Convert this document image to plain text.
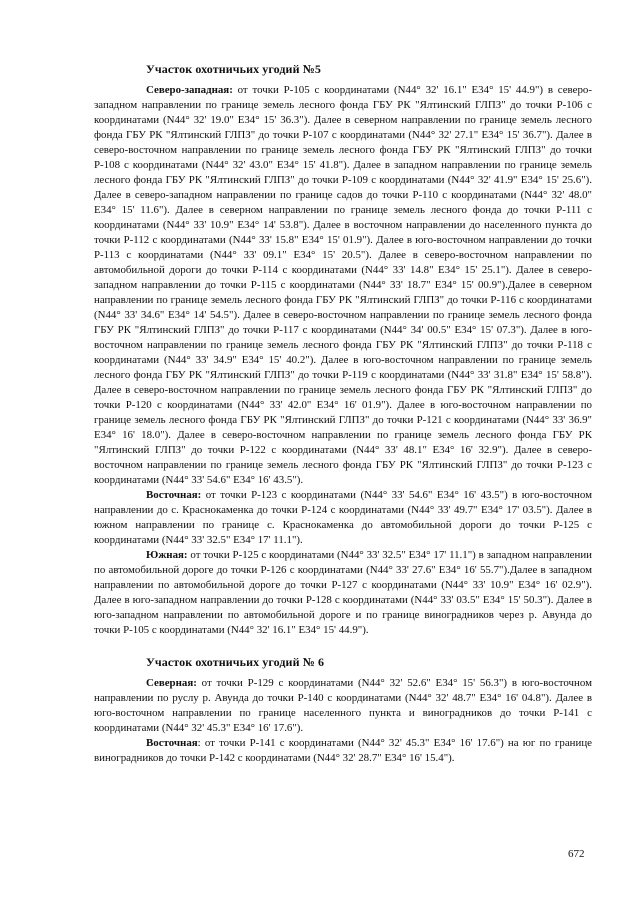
Участок охотничьих угодий №5

Северо-западная: от точки Р-105 с координатами (N44° 32' 16.1" E34° 15' 44.9") в северо-западном направлении по границе земель лесного фонда ГБУ РК "Ялтинский ГЛПЗ" до точки Р-106 с координатами (N44° 32' 19.0" E34° 15' 36.3"). Далее в северном направлении по границе земель лесного фонда ГБУ РК "Ялтинский ГЛПЗ" до точки Р-107 с координатами (N44° 32' 27.1" E34° 15' 36.7"). Далее в северо-восточном направлении по границе земель лесного фонда ГБУ РК "Ялтинский ГЛПЗ" до точки Р-108 с координатами (N44° 32' 43.0" E34° 15' 41.8"). Далее в западном направлении по границе земель лесного фонда ГБУ РК "Ялтинский ГЛПЗ" до точки Р-109 с координатами (N44° 32' 41.9" E34° 15' 25.6"). Далее в северо-западном направлении по границе садов до точки Р-110 с координатами (N44° 32' 48.0" E34° 15' 11.6"). Далее в северном направлении по границе земель лесного фонда до точки Р-111 с координатами (N44° 33' 10.9" E34° 14' 53.8"). Далее в восточном направлении до населенного пункта до точки Р-112 с координатами (N44° 33' 15.8" E34° 15' 01.9"). Далее в юго-восточном направлении до точки Р-113 с координатами (N44° 33' 09.1" E34° 15' 20.5"). Далее в северо-восточном направлении по автомобильной дороги до точки Р-114 с координатами (N44° 33' 14.8" E34° 15' 25.1"). Далее в северо-западном направлении до точки Р-115 с координатами (N44° 33' 18.7" E34° 15' 00.9").Далее в северном направлении по границе земель лесного фонда ГБУ РК "Ялтинский ГЛПЗ" до точки Р-116 с координатами (N44° 33' 34.6" E34° 14' 54.5"). Далее в северо-восточном направлении по границе земель лесного фонда ГБУ РК "Ялтинский ГЛПЗ" до точки Р-117 с координатами (N44° 34' 00.5" E34° 15' 07.3"). Далее в юго-восточном направлении по границе земель лесного фонда ГБУ РК "Ялтинский ГЛПЗ" до точки Р-118 с координатами (N44° 33' 34.9" E34° 15' 40.2"). Далее в юго-восточном направлении по границе земель лесного фонда ГБУ РК "Ялтинский ГЛПЗ" до точки Р-119 с координатами (N44° 33' 31.8" E34° 15' 58.8"). Далее в северо-восточном направлении по границе земель лесного фонда ГБУ РК "Ялтинский ГЛПЗ" до точки Р-120 с координатами (N44° 33' 42.0" E34° 16' 01.9"). Далее в юго-восточном направлении по границе земель лесного фонда ГБУ РК "Ялтинский ГЛПЗ" до точки Р-121 с координатами (N44° 33' 36.9" E34° 16' 18.0"). Далее в северо-восточном направлении по границе земель лесного фонда ГБУ РК "Ялтинский ГЛПЗ" до точки Р-122 с координатами (N44° 33' 48.1" E34° 16' 32.9"). Далее в северо-восточном направлении по границе земель лесного фонда ГБУ РК "Ялтинский ГЛПЗ" до точки Р-123 с координатами (N44° 33' 54.6" E34° 16' 43.5").

Восточная: от точки Р-123 с координатами (N44° 33' 54.6" E34° 16' 43.5") в юго-восточном направлении до с. Краснокаменка до точки Р-124 с координатами (N44° 33' 49.7" E34° 17' 03.5"). Далее в южном направлении по границе с. Краснокаменка до автомобильной дороги до точки Р-125 с координатами (N44° 33' 32.5" E34° 17' 11.1").

Южная: от точки Р-125 с координатами (N44° 33' 32.5" E34° 17' 11.1") в западном направлении по автомобильной дороге до точки Р-126 с координатами (N44° 33' 27.6" E34° 16' 55.7").Далее в западном направлении по автомобильной дороге до точки Р-127 с координатами (N44° 33' 10.9" E34° 16' 02.9"). Далее в юго-западном направлении до точки Р-128 с координатами (N44° 33' 03.5" E34° 15' 50.3"). Далее в юго-западном направлении по автомобильной дороге и по границе виноградников через р. Авунда до точки Р-105 с координатами (N44° 32' 16.1" E34° 15' 44.9").

Участок охотничьих угодий № 6

Северная: от точки Р-129 с координатами (N44° 32' 52.6" E34° 15' 56.3") в юго-восточном направлении по руслу р. Авунда до точки Р-140 с координатами (N44° 32' 48.7" E34° 16' 04.8"). Далее в юго-восточном направлении по границе населенного пункта и виноградников до точки Р-141 с координатами (N44° 32' 45.3" E34° 16' 17.6").

Восточная: от точки Р-141 с координатами (N44° 32' 45.3" E34° 16' 17.6") на юг по границе виноградников до точки Р-142 с координатами (N44° 32' 28.7" E34° 16' 15.4").

672
